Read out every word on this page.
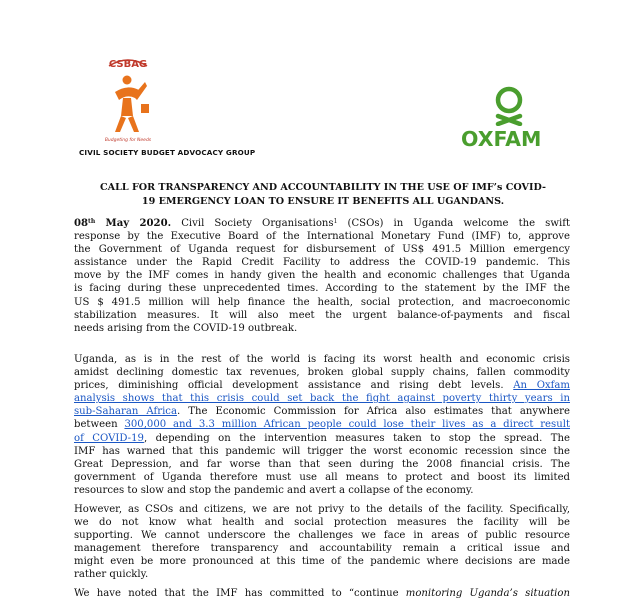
CSBAG
Budgeting for Needs
CIVIL SOCIETY BUDGET ADVOCACY GROUP
OXFAM
CALL FOR TRANSPARENCY AND ACCOUNTABILITY IN THE USE OF IMF’s COVID-
19 EMERGENCY LOAN TO ENSURE IT BENEFITS ALL UGANDANS.
08th May 2020. Civil Society Organisations$^1$ (CSOs) in Uganda welcome the swift
response by the Executive Board of the International Monetary Fund (IMF) to, approve
the Government of Uganda request for disbursement of US$ 491.5 Million emergency
assistance under the Rapid Credit Facility to address the COVID-19 pandemic. This
move by the IMF comes in handy given the health and economic challenges that Uganda
is facing during these unprecedented times. According to the statement by the IMF the
US $ 491.5 million will help finance the health, social protection, and macroeconomic
stabilization measures. It will also meet the urgent balance-of-payments and fiscal
needs arising from the COVID-19 outbreak.
Uganda, as is in the rest of the world is facing its worst health and economic crisis
amidst declining domestic tax revenues, broken global supply chains, fallen commodity
prices, diminishing official development assistance and rising debt levels. An Oxfam
analysis shows that this crisis could set back the fight against poverty thirty years in
sub-Saharan Africa. The Economic Commission for Africa also estimates that anywhere
between 300,000 and 3.3 million African people could lose their lives as a direct result
of COVID-19, depending on the intervention measures taken to stop the spread. The
IMF has warned that this pandemic will trigger the worst economic recession since the
Great Depression, and far worse than that seen during the 2008 financial crisis. The
government of Uganda therefore must use all means to protect and boost its limited
resources to slow and stop the pandemic and avert a collapse of the economy.
However, as CSOs and citizens, we are not privy to the details of the facility. Specifically,
we do not know what health and social protection measures the facility will be
supporting. We cannot underscore the challenges we face in areas of public resource
management therefore transparency and accountability remain a critical issue and
might even be more pronounced at this time of the pandemic where decisions are made
rather quickly.
We have noted that the IMF has committed to “continue monitoring Uganda’s situation
